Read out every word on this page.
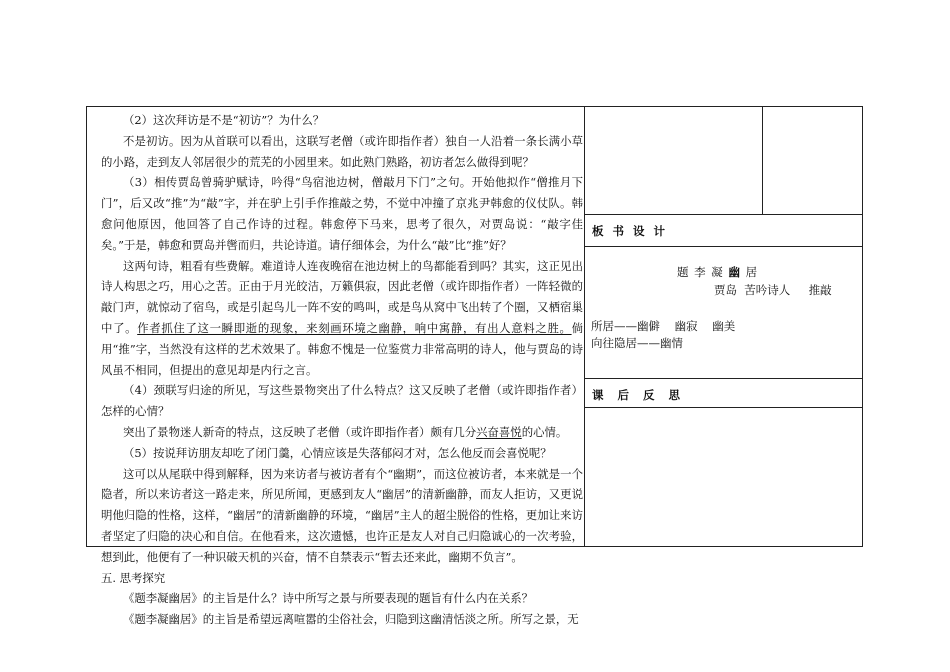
（2）这次拜访是不是“初访”？为什么？

不是初访。因为从首联可以看出，这联写老僧（或许即指作者）独自一人沿着一条长满小草的小路，走到友人邻居很少的荒芜的小园里来。如此熟门熟路，初访者怎么做得到呢？

（3）相传贾岛曾骑驴赋诗，吟得“鸟宿池边树，僧敲月下门”之句。开始他拟作“僧推月下门”，后又改“推”为“敲”字，并在驴上引手作推敲之势，不觉中冲撞了京兆尹韩愈的仪仗队。韩愈问他原因，他回答了自己作诗的过程。韩愈停下马来，思考了很久，对贾岛说：“敲字佳矣。”于是，韩愈和贾岛并辔而归，共论诗道。请仔细体会，为什么“敲”比“推”好？

这两句诗，粗看有些费解。难道诗人连夜晚宿在池边树上的鸟都能看到吗？其实，这正见出诗人构思之巧，用心之苦。正由于月光皎洁，万籁俱寂，因此老僧（或许即指作者）一阵轻微的敲门声，就惊动了宿鸟，或是引起鸟儿一阵不安的鸣叫，或是鸟从窝中飞出转了个圈，又栖宿巢中了。作者抓住了这一瞬即逝的现象，来刻画环境之幽静，响中寓静，有出人意料之胜。倘用“推”字，当然没有这样的艺术效果了。韩愈不愧是一位鉴赏力非常高明的诗人，他与贾岛的诗风虽不相同，但提出的意见却是内行之言。

（4）颈联写归途的所见，写这些景物突出了什么特点？这又反映了老僧（或许即指作者）怎样的心情？

突出了景物迷人新奇的特点，这反映了老僧（或许即指作者）颇有几分兴奋喜悦的心情。

（5）按说拜访朋友却吃了闭门羹，心情应该是失落郁闷才对，怎么他反而会喜悦呢？

这可以从尾联中得到解释，因为来访者与被访者有个“幽期”，而这位被访者，本来就是一个隐者，所以来访者这一路走来，所见所闻，更感到友人“幽居”的清新幽静，而友人拒访，又更说明他归隐的性格，这样，“幽居”的清新幽静的环境，“幽居”主人的超尘脱俗的性格，更加让来访者坚定了归隐的决心和自信。在他看来，这次遗憾，也许正是友人对自己归隐诚心的一次考验，想到此，他便有了一种识破天机的兴奋，情不自禁表示“暂去还来此，幽期不负言”。

五. 思考探究

《题李凝幽居》的主旨是什么？诗中所写之景与所要表现的题旨有什么内在关系？

《题李凝幽居》的主旨是希望远离喧嚣的尘俗社会，归隐到这幽清恬淡之所。所写之景，无

板书设计
题 李 凝 幽 居
贾岛  苦吟诗人     推敲
所居——幽僻    幽寂    幽美
向往隐居——幽情
课后反思
